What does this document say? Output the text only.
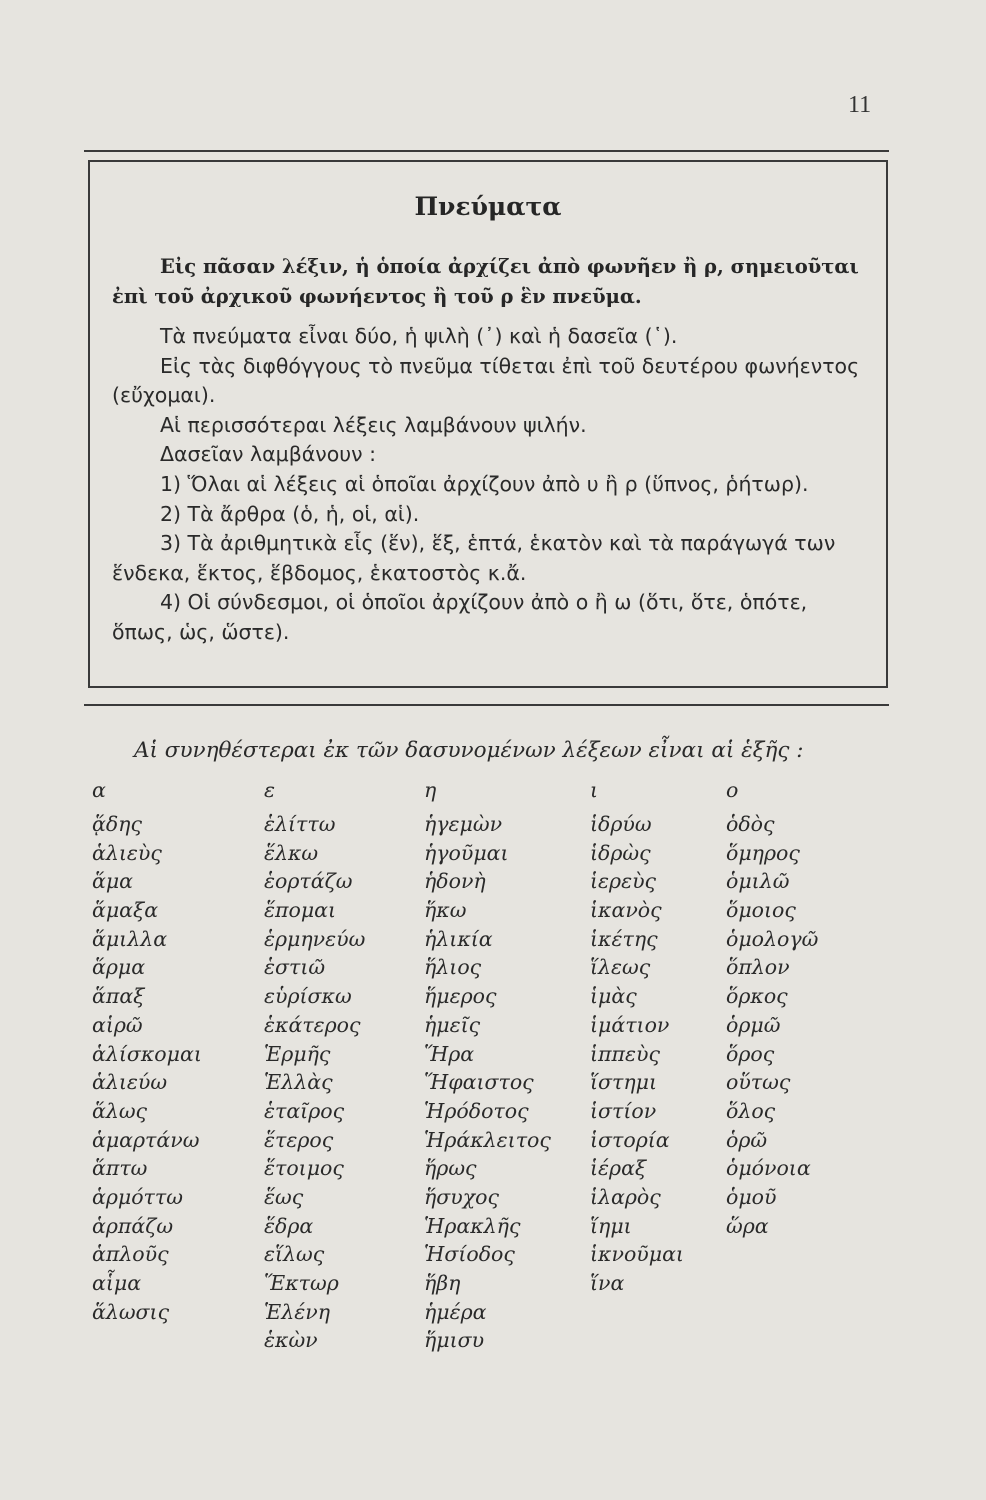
11
Πνεύματα
Εἰς πᾶσαν λέξιν, ἡ ὁποία ἀρχίζει ἀπὸ φωνῆεν ἢ ρ, σημειοῦται ἐπὶ τοῦ ἀρχικοῦ φωνήεντος ἢ τοῦ ρ ἓν πνεῦμα.

Τὰ πνεύματα εἶναι δύο, ἡ ψιλὴ (᾿) καὶ ἡ δασεῖα (῾).

Εἰς τὰς διφθόγγους τὸ πνεῦμα τίθεται ἐπὶ τοῦ δευτέρου φωνήεντος (εὔχομαι).

Αἱ περισσότεραι λέξεις λαμβάνουν ψιλήν.

Δασεῖαν λαμβάνουν :

1) Ὅλαι αἱ λέξεις αἱ ὁποῖαι ἀρχίζουν ἀπὸ υ ἢ ρ (ὕπνος, ῥήτωρ).

2) Τὰ ἄρθρα (ὁ, ἡ, οἱ, αἱ).

3) Τὰ ἀριθμητικὰ εἷς (ἕν), ἕξ, ἑπτά, ἑκατὸν καὶ τὰ παράγωγά των ἕνδεκα, ἕκτος, ἕβδομος, ἑκατοστὸς κ.ἄ.

4) Οἱ σύνδεσμοι, οἱ ὁποῖοι ἀρχίζουν ἀπὸ ο ἢ ω (ὅτι, ὅτε, ὁπότε, ὅπως, ὡς, ὥστε).

Αἱ συνηθέστεραι ἐκ τῶν δασυνομένων λέξεων εἶναι αἱ ἑξῆς :
α
ᾅδης
ἁλιεὺς
ἅμα
ἅμαξα
ἅμιλλα
ἅρμα
ἅπαξ
αἱρῶ
ἁλίσκομαι
ἁλιεύω
ἅλως
ἁμαρτάνω
ἅπτω
ἁρμόττω
ἁρπάζω
ἁπλοῦς
αἷμα
ἅλωσις
ε
ἑλίττω
ἕλκω
ἑορτάζω
ἕπομαι
ἑρμηνεύω
ἑστιῶ
εὑρίσκω
ἑκάτερος
Ἑρμῆς
Ἑλλὰς
ἑταῖρος
ἕτερος
ἕτοιμος
ἕως
ἕδρα
εἵλως
Ἕκτωρ
Ἑλένη
ἑκὼν
η
ἡγεμὼν
ἡγοῦμαι
ἡδονὴ
ἥκω
ἡλικία
ἥλιος
ἥμερος
ἡμεῖς
Ἥρα
Ἥφαιστος
Ἡρόδοτος
Ἡράκλειτος
ἥρως
ἥσυχος
Ἡρακλῆς
Ἡσίοδος
ἥβη
ἡμέρα
ἥμισυ
ι
ἱδρύω
ἱδρὼς
ἱερεὺς
ἱκανὸς
ἱκέτης
ἵλεως
ἱμὰς
ἱμάτιον
ἱππεὺς
ἵστημι
ἱστίον
ἱστορία
ἱέραξ
ἱλαρὸς
ἵημι
ἱκνοῦμαι
ἵνα
ο
ὁδὸς
ὅμηρος
ὁμιλῶ
ὅμοιος
ὁμολογῶ
ὅπλον
ὅρκος
ὁρμῶ
ὅρος
οὕτως
ὅλος
ὁρῶ
ὁμόνοια
ὁμοῦ
ὥρα
